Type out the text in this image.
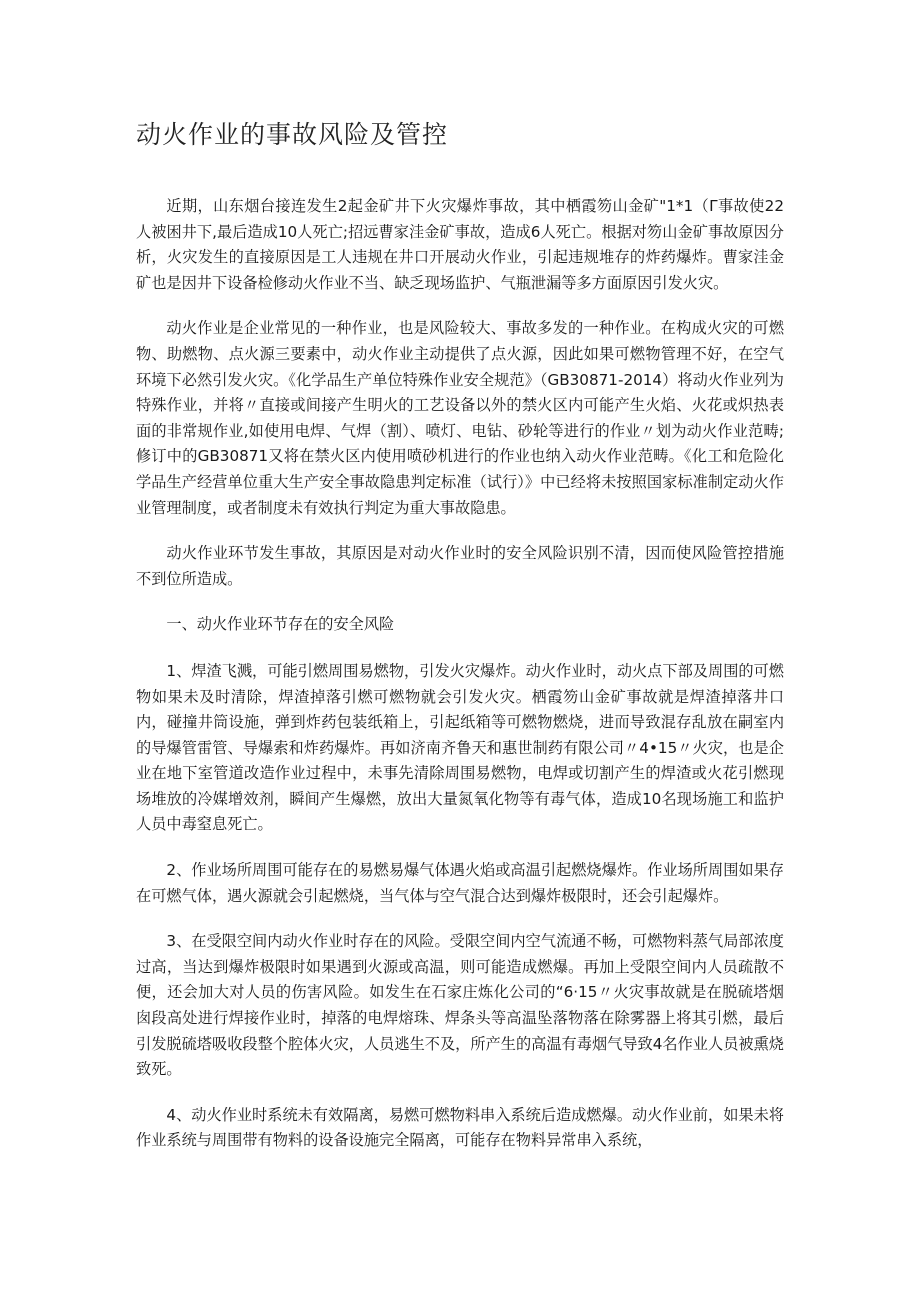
动火作业的事故风险及管控

近期，山东烟台接连发生2起金矿井下火灾爆炸事故，其中栖霞笏山金矿"1*1（Γ事故使22人被困井下,最后造成10人死亡;招远曹家洼金矿事故，造成6人死亡。根据对笏山金矿事故原因分析，火灾发生的直接原因是工人违规在井口开展动火作业，引起违规堆存的炸药爆炸。曹家洼金矿也是因井下设备检修动火作业不当、缺乏现场监护、气瓶泄漏等多方面原因引发火灾。

动火作业是企业常见的一种作业，也是风险较大、事故多发的一种作业。在构成火灾的可燃物、助燃物、点火源三要素中，动火作业主动提供了点火源，因此如果可燃物管理不好，在空气环境下必然引发火灾。《化学品生产单位特殊作业安全规范》（GB30871-2014）将动火作业列为特殊作业，并将〃直接或间接产生明火的工艺设备以外的禁火区内可能产生火焰、火花或炽热表面的非常规作业,如使用电焊、气焊（割）、喷灯、电钻、砂轮等进行的作业〃划为动火作业范畴;修订中的GB30871又将在禁火区内使用喷砂机进行的作业也纳入动火作业范畴。《化工和危险化学品生产经营单位重大生产安全事故隐患判定标准（试行）》中已经将未按照国家标准制定动火作业管理制度，或者制度未有效执行判定为重大事故隐患。

动火作业环节发生事故，其原因是对动火作业时的安全风险识别不清，因而使风险管控措施不到位所造成。

一、动火作业环节存在的安全风险

1、焊渣飞溅，可能引燃周围易燃物，引发火灾爆炸。动火作业时，动火点下部及周围的可燃物如果未及时清除，焊渣掉落引燃可燃物就会引发火灾。栖霞笏山金矿事故就是焊渣掉落井口内，碰撞井筒设施，弹到炸药包装纸箱上，引起纸箱等可燃物燃烧，进而导致混存乱放在嗣室内的导爆管雷管、导爆索和炸药爆炸。再如济南齐鲁天和惠世制药有限公司〃4•15〃火灾，也是企业在地下室管道改造作业过程中，未事先清除周围易燃物，电焊或切割产生的焊渣或火花引燃现场堆放的冷媒增效剂，瞬间产生爆燃，放出大量氮氧化物等有毒气体，造成10名现场施工和监护人员中毒窒息死亡。

2、作业场所周围可能存在的易燃易爆气体遇火焰或高温引起燃烧爆炸。作业场所周围如果存在可燃气体，遇火源就会引起燃烧，当气体与空气混合达到爆炸极限时，还会引起爆炸。

3、在受限空间内动火作业时存在的风险。受限空间内空气流通不畅，可燃物料蒸气局部浓度过高，当达到爆炸极限时如果遇到火源或高温，则可能造成燃爆。再加上受限空间内人员疏散不便，还会加大对人员的伤害风险。如发生在石家庄炼化公司的“6·15〃火灾事故就是在脱硫塔烟囱段高处进行焊接作业时，掉落的电焊熔珠、焊条头等高温坠落物落在除雾器上将其引燃，最后引发脱硫塔吸收段整个腔体火灾，人员逃生不及，所产生的高温有毒烟气导致4名作业人员被熏烧致死。

4、动火作业时系统未有效隔离，易燃可燃物料串入系统后造成燃爆。动火作业前，如果未将作业系统与周围带有物料的设备设施完全隔离，可能存在物料异常串入系统，
